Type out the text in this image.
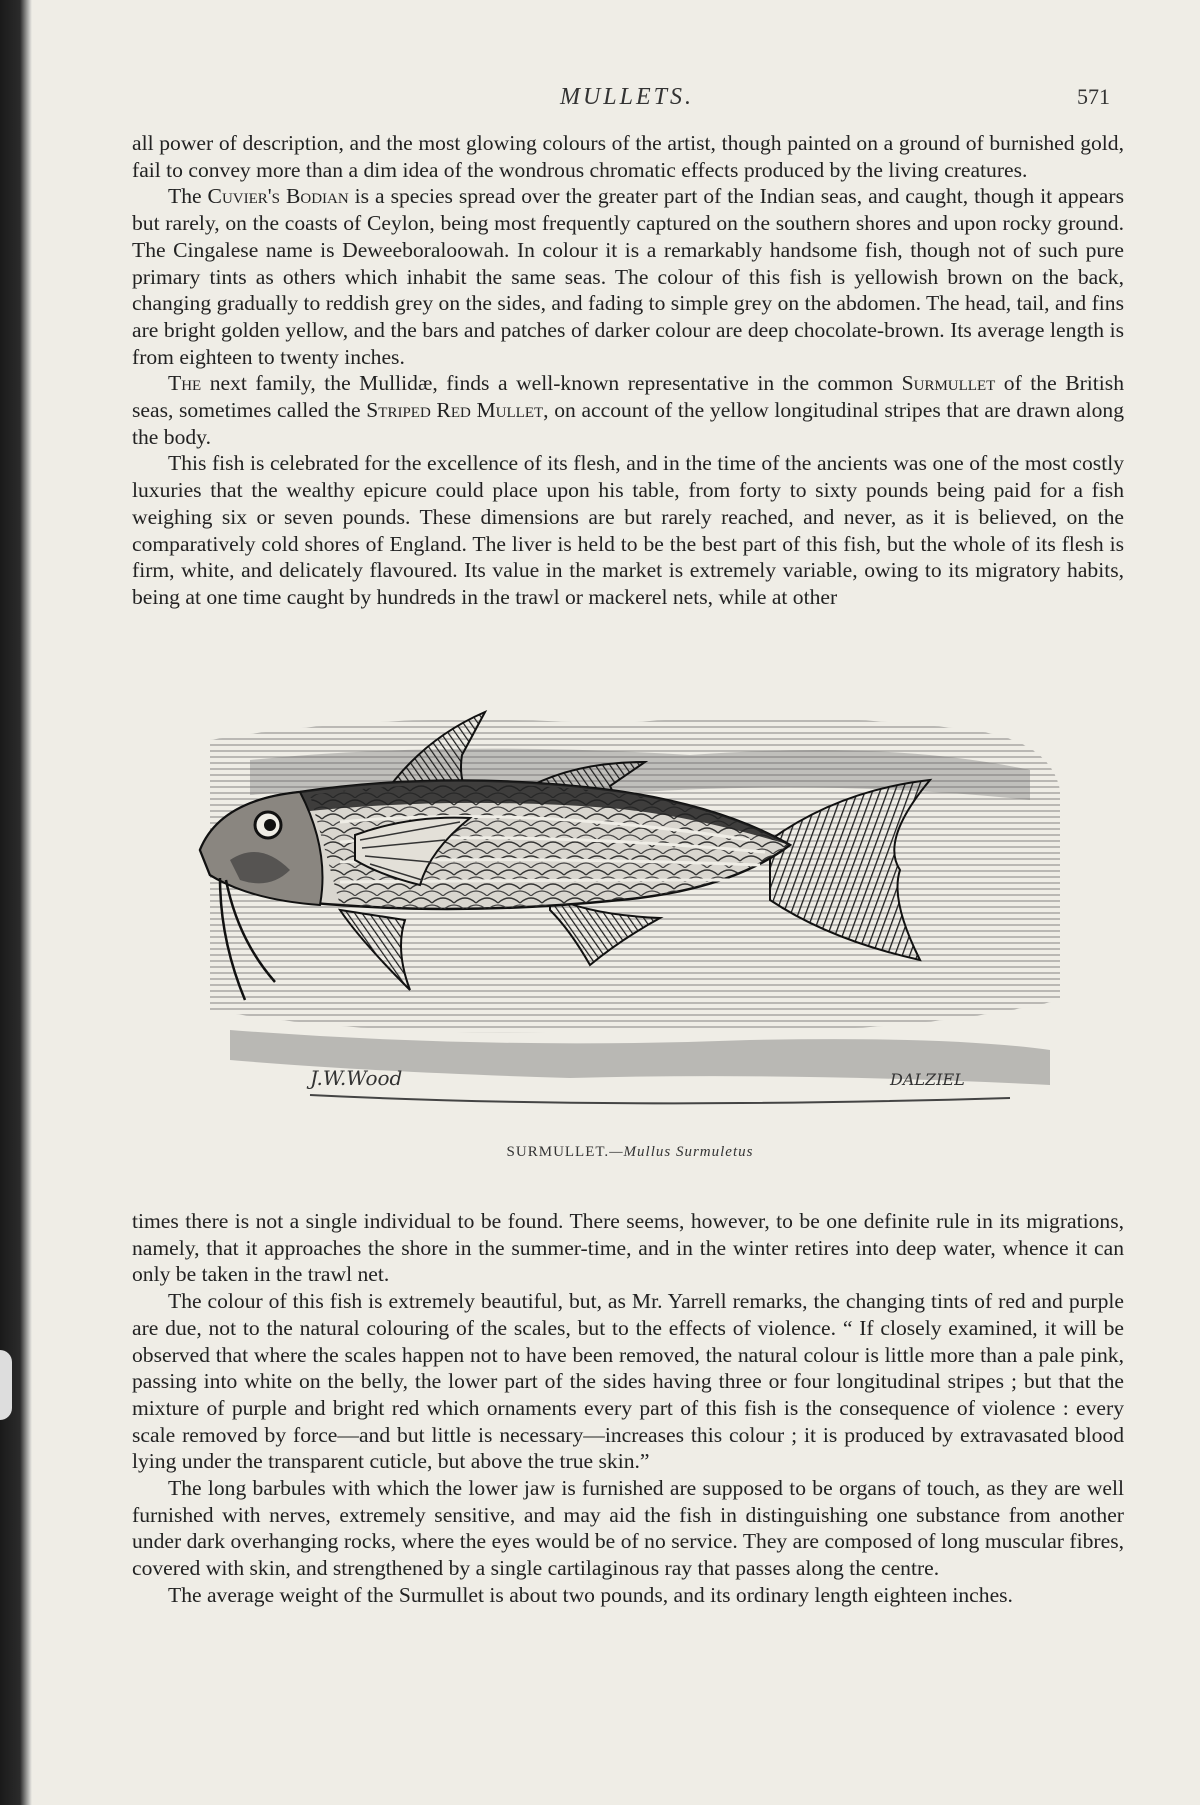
MULLETS.	571

all power of description, and the most glowing colours of the artist, though painted on a ground of burnished gold, fail to convey more than a dim idea of the wondrous chromatic effects produced by the living creatures.

The Cuvier's Bodian is a species spread over the greater part of the Indian seas, and caught, though it appears but rarely, on the coasts of Ceylon, being most frequently captured on the southern shores and upon rocky ground. The Cingalese name is Deweeboraloowah. In colour it is a remarkably handsome fish, though not of such pure primary tints as others which inhabit the same seas. The colour of this fish is yellowish brown on the back, changing gradually to reddish grey on the sides, and fading to simple grey on the abdomen. The head, tail, and fins are bright golden yellow, and the bars and patches of darker colour are deep chocolate-brown. Its average length is from eighteen to twenty inches.

The next family, the Mullidæ, finds a well-known representative in the common Surmullet of the British seas, sometimes called the Striped Red Mullet, on account of the yellow longitudinal stripes that are drawn along the body.

This fish is celebrated for the excellence of its flesh, and in the time of the ancients was one of the most costly luxuries that the wealthy epicure could place upon his table, from forty to sixty pounds being paid for a fish weighing six or seven pounds. These dimensions are but rarely reached, and never, as it is believed, on the comparatively cold shores of England. The liver is held to be the best part of this fish, but the whole of its flesh is firm, white, and delicately flavoured. Its value in the market is extremely variable, owing to its migratory habits, being at one time caught by hundreds in the trawl or mackerel nets, while at other

J.W.Wood	DALZIEL
SURMULLET.—Mullus Surmuletus

times there is not a single individual to be found. There seems, however, to be one definite rule in its migrations, namely, that it approaches the shore in the summer-time, and in the winter retires into deep water, whence it can only be taken in the trawl net.

The colour of this fish is extremely beautiful, but, as Mr. Yarrell remarks, the changing tints of red and purple are due, not to the natural colouring of the scales, but to the effects of violence. “ If closely examined, it will be observed that where the scales happen not to have been removed, the natural colour is little more than a pale pink, passing into white on the belly, the lower part of the sides having three or four longitudinal stripes ; but that the mixture of purple and bright red which ornaments every part of this fish is the consequence of violence : every scale removed by force—and but little is necessary—increases this colour ; it is produced by extravasated blood lying under the transparent cuticle, but above the true skin.”

The long barbules with which the lower jaw is furnished are supposed to be organs of touch, as they are well furnished with nerves, extremely sensitive, and may aid the fish in distinguishing one substance from another under dark overhanging rocks, where the eyes would be of no service. They are composed of long muscular fibres, covered with skin, and strengthened by a single cartilaginous ray that passes along the centre.

The average weight of the Surmullet is about two pounds, and its ordinary length eighteen inches.
